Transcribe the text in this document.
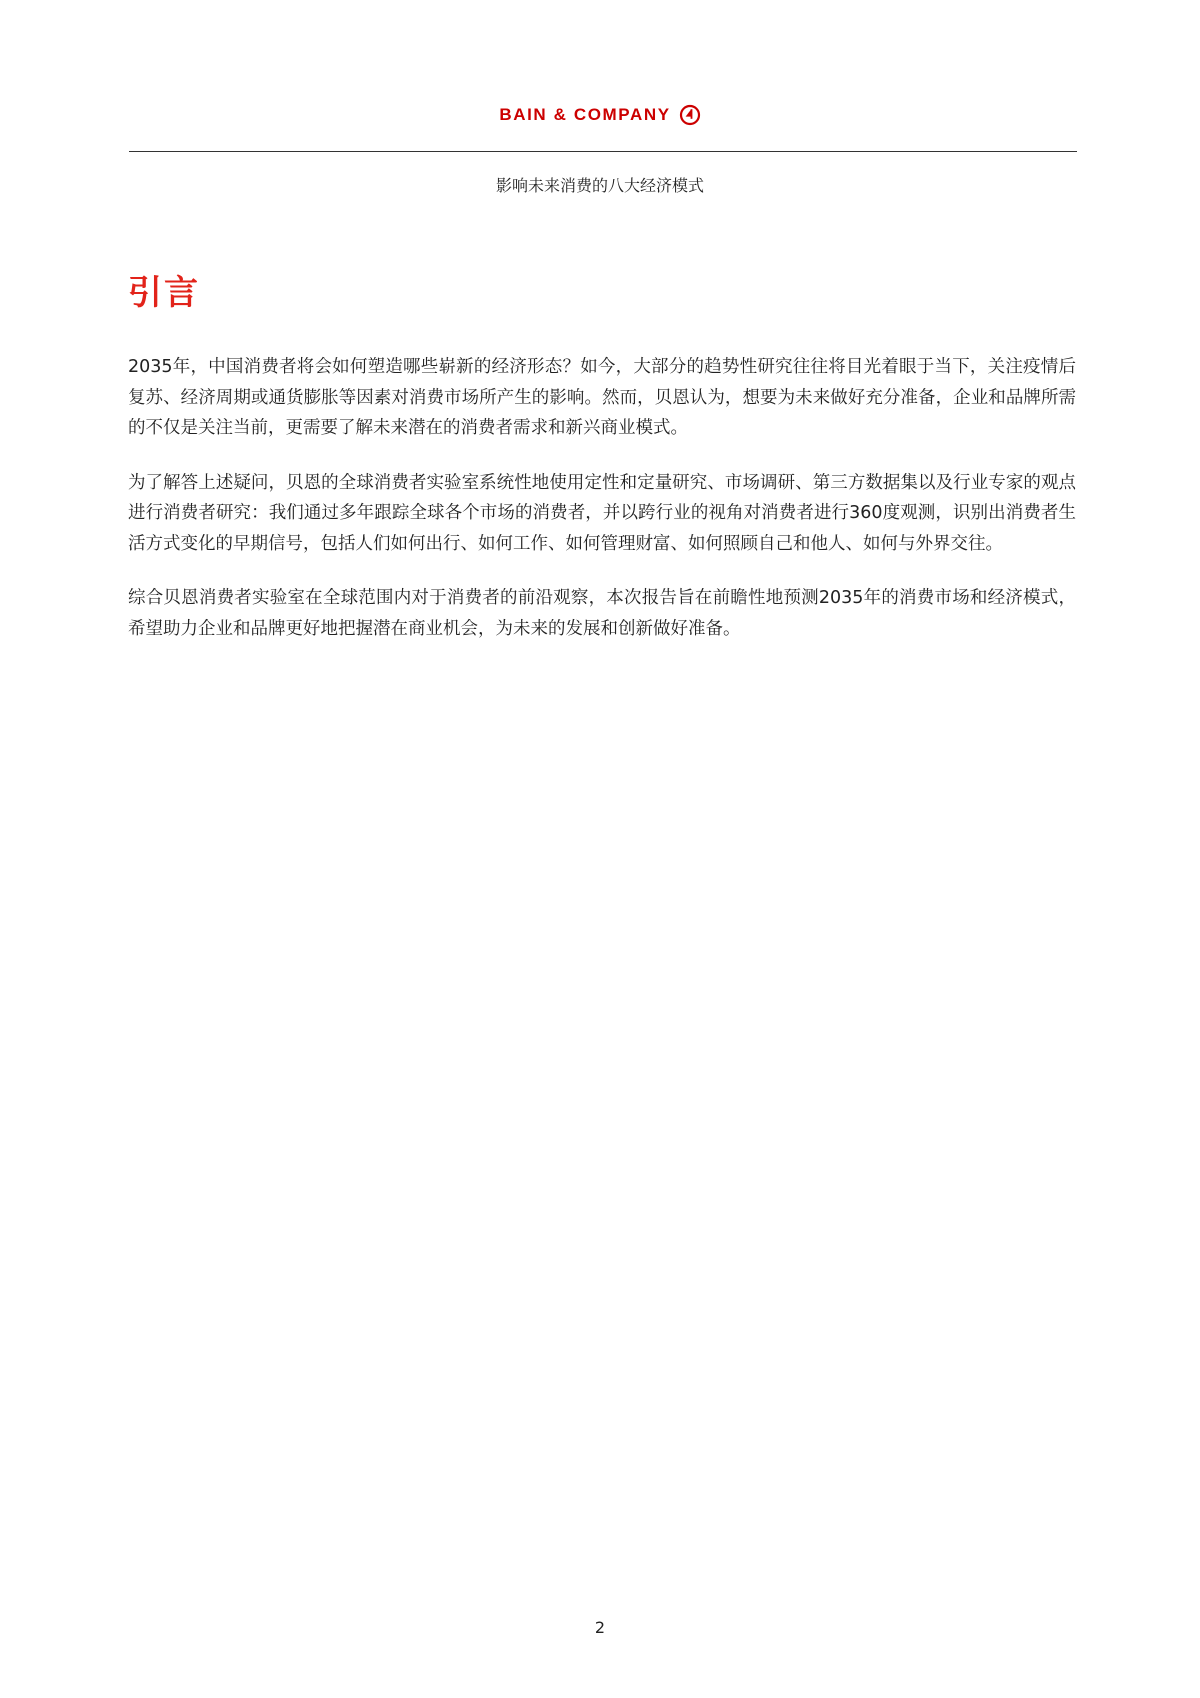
BAIN & COMPANY
影响未来消费的八大经济模式
引言

2035年，中国消费者将会如何塑造哪些崭新的经济形态？如今，大部分的趋势性研究往往将目光着眼于当下，关注疫情后复苏、经济周期或通货膨胀等因素对消费市场所产生的影响。然而，贝恩认为，想要为未来做好充分准备，企业和品牌所需的不仅是关注当前，更需要了解未来潜在的消费者需求和新兴商业模式。

为了解答上述疑问，贝恩的全球消费者实验室系统性地使用定性和定量研究、市场调研、第三方数据集以及行业专家的观点进行消费者研究：我们通过多年跟踪全球各个市场的消费者，并以跨行业的视角对消费者进行360度观测，识别出消费者生活方式变化的早期信号，包括人们如何出行、如何工作、如何管理财富、如何照顾自己和他人、如何与外界交往。

综合贝恩消费者实验室在全球范围内对于消费者的前沿观察，本次报告旨在前瞻性地预测2035年的消费市场和经济模式，希望助力企业和品牌更好地把握潜在商业机会，为未来的发展和创新做好准备。

2
